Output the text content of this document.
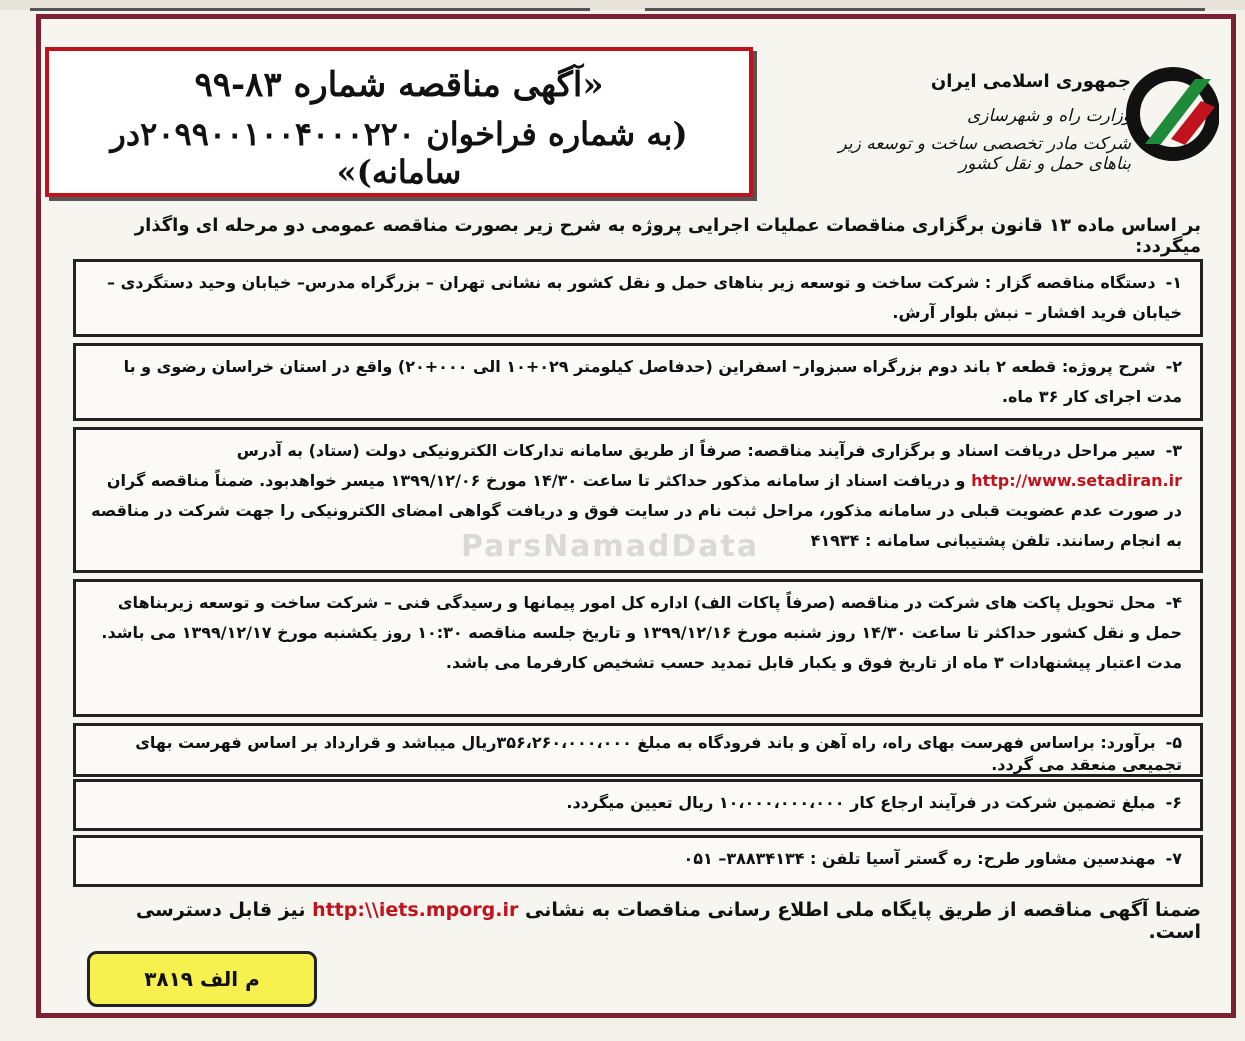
«آگهی مناقصه شماره ۸۳-۹۹
(به شماره فراخوان ۲۰۹۹۰۰۱۰۰۴۰۰۰۲۲۰در سامانه)»
جمهوری اسلامی ایران
وزارت راه و شهرسازی
شرکت مادر تخصصی ساخت و توسعه زیر بناهای حمل و نقل کشور
بر اساس ماده ۱۳ قانون برگزاری مناقصات عملیات اجرایی پروژه به شرح زیر بصورت مناقصه عمومی دو مرحله ای واگذار میگردد:
۱-دستگاه مناقصه گزار : شرکت ساخت و توسعه زیر بناهای حمل و نقل کشور به نشانی تهران – بزرگراه مدرس– خیابان وحید دستگردی – خیابان فرید افشار – نبش بلوار آرش.
۲-شرح پروژه: قطعه ۲ باند دوم بزرگراه سبزوار– اسفراین (حدفاصل کیلومتر ۰۲۹+۱۰ الی ۰۰۰+۲۰) واقع در استان خراسان رضوی و با مدت اجرای کار ۳۶ ماه.
۳-سیر مراحل دریافت اسناد و برگزاری فرآیند مناقصه: صرفاً از طریق سامانه تدارکات الکترونیکی دولت (ستاد) به آدرس http://www.setadiran.ir و دریافت اسناد از سامانه مذکور حداکثر تا ساعت ۱۴/۳۰ مورخ ۱۳۹۹/۱۲/۰۶ میسر خواهدبود. ضمناً مناقصه گران در صورت عدم عضویت قبلی در سامانه مذکور، مراحل ثبت نام در سایت فوق و دریافت گواهی امضای الکترونیکی را جهت شرکت در مناقصه به انجام رسانند. تلفن پشتیبانی سامانه : ۴۱۹۳۴
۴-محل تحویل پاکت های شرکت در مناقصه (صرفاً پاکات الف) اداره کل امور پیمانها و رسیدگی فنی – شرکت ساخت و توسعه زیربناهای حمل و نقل کشور حداکثر تا ساعت ۱۴/۳۰ روز شنبه مورخ ۱۳۹۹/۱۲/۱۶ و تاریخ جلسه مناقصه ۱۰:۳۰ روز یکشنبه مورخ ۱۳۹۹/۱۲/۱۷ می باشد.
مدت اعتبار پیشنهادات ۳ ماه از تاریخ فوق و یکبار قابل تمدید حسب تشخیص کارفرما می باشد.
۵-برآورد: براساس فهرست بهای راه، راه آهن و باند فرودگاه به مبلغ ۳۵۶،۲۶۰،۰۰۰،۰۰۰ریال میباشد و قرارداد بر اساس فهرست بهای تجمیعی منعقد می گردد.
۶-مبلغ تضمین شرکت در فرآیند ارجاع کار ۱۰،۰۰۰،۰۰۰،۰۰۰ ریال تعیین میگردد.
۷-مهندسین مشاور طرح: ره گستر آسیا تلفن : ۳۸۸۳۴۱۳۴– ۰۵۱
ضمنا آگهی مناقصه از طریق پایگاه ملی اطلاع رسانی مناقصات به نشانی http:\\iets.mporg.ir نیز قابل دسترسی است.
م الف ۳۸۱۹
ParsNamadData
